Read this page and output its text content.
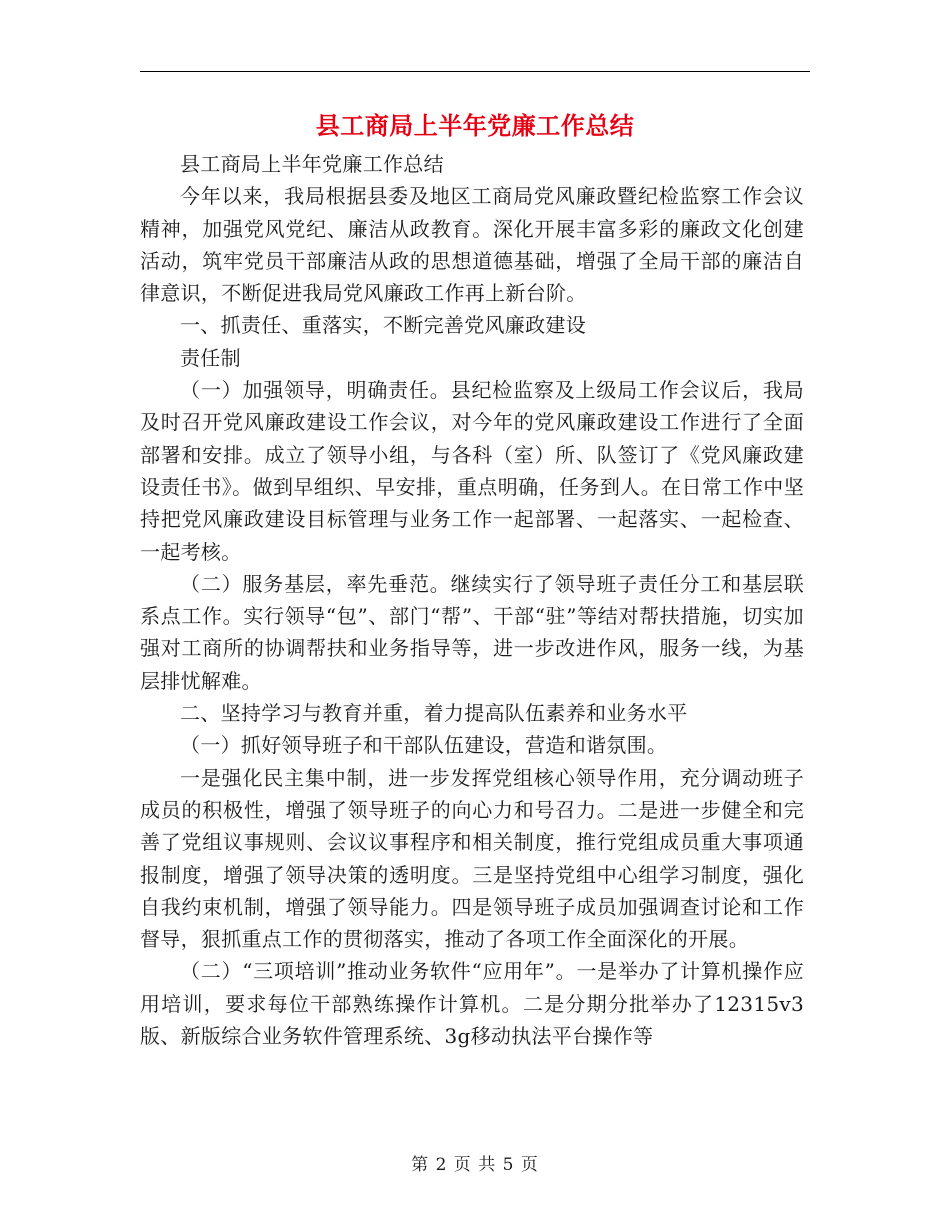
县工商局上半年党廉工作总结

县工商局上半年党廉工作总结

今年以来，我局根据县委及地区工商局党风廉政暨纪检监察工作会议精神，加强党风党纪、廉洁从政教育。深化开展丰富多彩的廉政文化创建活动，筑牢党员干部廉洁从政的思想道德基础，增强了全局干部的廉洁自律意识，不断促进我局党风廉政工作再上新台阶。

一、抓责任、重落实，不断完善党风廉政建设

责任制

（一）加强领导，明确责任。县纪检监察及上级局工作会议后，我局及时召开党风廉政建设工作会议，对今年的党风廉政建设工作进行了全面部署和安排。成立了领导小组，与各科（室）所、队签订了《党风廉政建设责任书》。做到早组织、早安排，重点明确，任务到人。在日常工作中坚持把党风廉政建设目标管理与业务工作一起部署、一起落实、一起检查、一起考核。

（二）服务基层，率先垂范。继续实行了领导班子责任分工和基层联系点工作。实行领导“包”、部门“帮”、干部“驻”等结对帮扶措施，切实加强对工商所的协调帮扶和业务指导等，进一步改进作风，服务一线，为基层排忧解难。

二、坚持学习与教育并重，着力提高队伍素养和业务水平

（一）抓好领导班子和干部队伍建设，营造和谐氛围。

一是强化民主集中制，进一步发挥党组核心领导作用，充分调动班子成员的积极性，增强了领导班子的向心力和号召力。二是进一步健全和完善了党组议事规则、会议议事程序和相关制度，推行党组成员重大事项通报制度，增强了领导决策的透明度。三是坚持党组中心组学习制度，强化自我约束机制，增强了领导能力。四是领导班子成员加强调查讨论和工作督导，狠抓重点工作的贯彻落实，推动了各项工作全面深化的开展。

（二）“三项培训”推动业务软件“应用年”。一是举办了计算机操作应用培训，要求每位干部熟练操作计算机。二是分期分批举办了12315v3版、新版综合业务软件管理系统、3g移动执法平台操作等

第 2 页 共 5 页
